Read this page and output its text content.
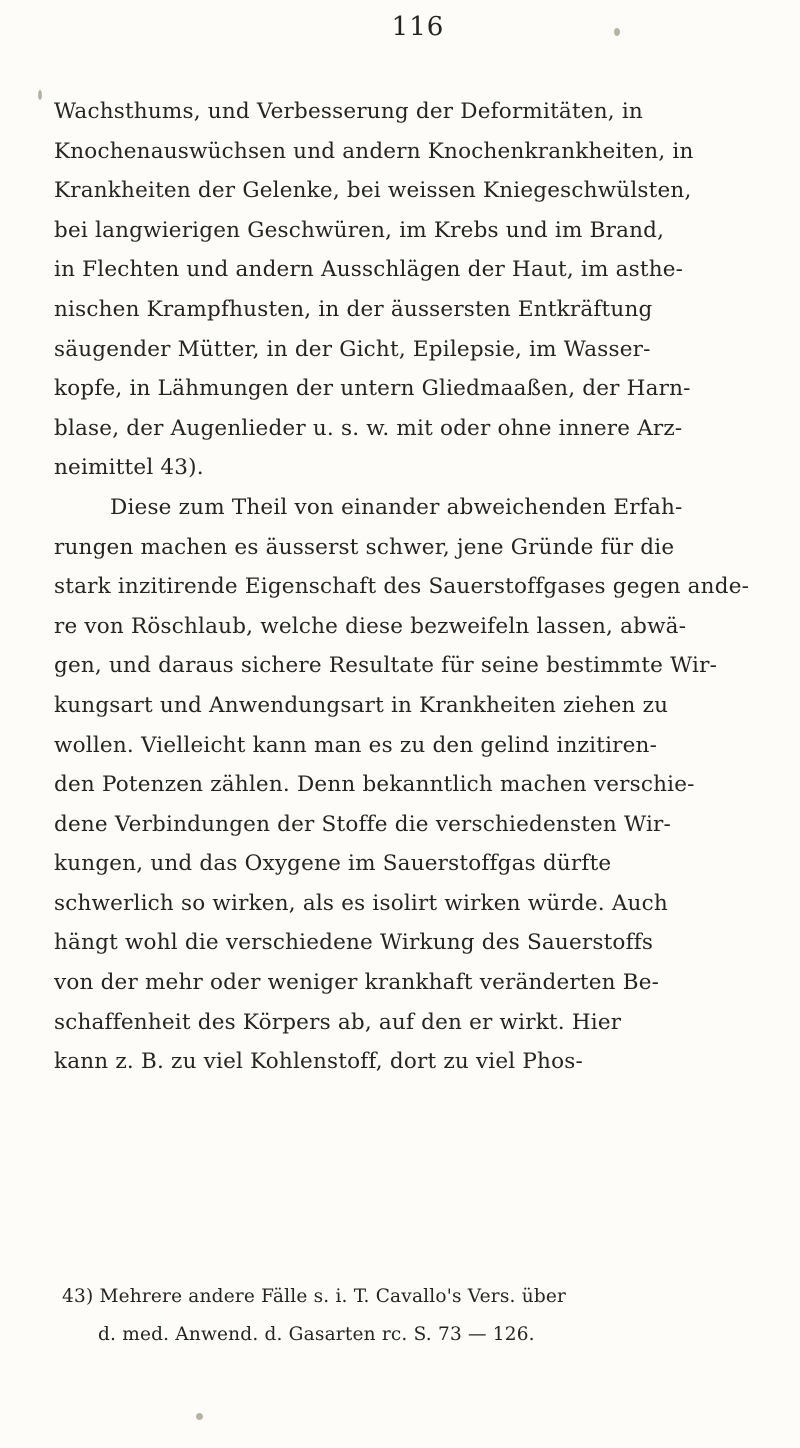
116
Wachsthums, und Verbesserung der Deformitäten, in
Knochenauswüchsen und andern Knochenkrankheiten, in
Krankheiten der Gelenke, bei weissen Kniegeschwülsten,
bei langwierigen Geschwüren, im Krebs und im Brand,
in Flechten und andern Ausschlägen der Haut, im asthe-
nischen Krampfhusten, in der äussersten Entkräftung
säugender Mütter, in der Gicht, Epilepsie, im Wasser-
kopfe, in Lähmungen der untern Gliedmaaßen, der Harn-
blase, der Augenlieder u. s. w. mit oder ohne innere Arz-
neimittel 43).
Diese zum Theil von einander abweichenden Erfah-
rungen machen es äusserst schwer, jene Gründe für die
stark inzitirende Eigenschaft des Sauerstoffgases gegen ande-
re von Röschlaub, welche diese bezweifeln lassen, abwä-
gen, und daraus sichere Resultate für seine bestimmte Wir-
kungsart und Anwendungsart in Krankheiten ziehen zu
wollen. Vielleicht kann man es zu den gelind inzitiren-
den Potenzen zählen. Denn bekanntlich machen verschie-
dene Verbindungen der Stoffe die verschiedensten Wir-
kungen, und das Oxygene im Sauerstoffgas dürfte
schwerlich so wirken, als es isolirt wirken würde. Auch
hängt wohl die verschiedene Wirkung des Sauerstoffs
von der mehr oder weniger krankhaft veränderten Be-
schaffenheit des Körpers ab, auf den er wirkt. Hier
kann z. B. zu viel Kohlenstoff, dort zu viel Phos-
43) Mehrere andere Fälle s. i. T. Cavallo's Vers. über
d. med. Anwend. d. Gasarten rc. S. 73 — 126.
